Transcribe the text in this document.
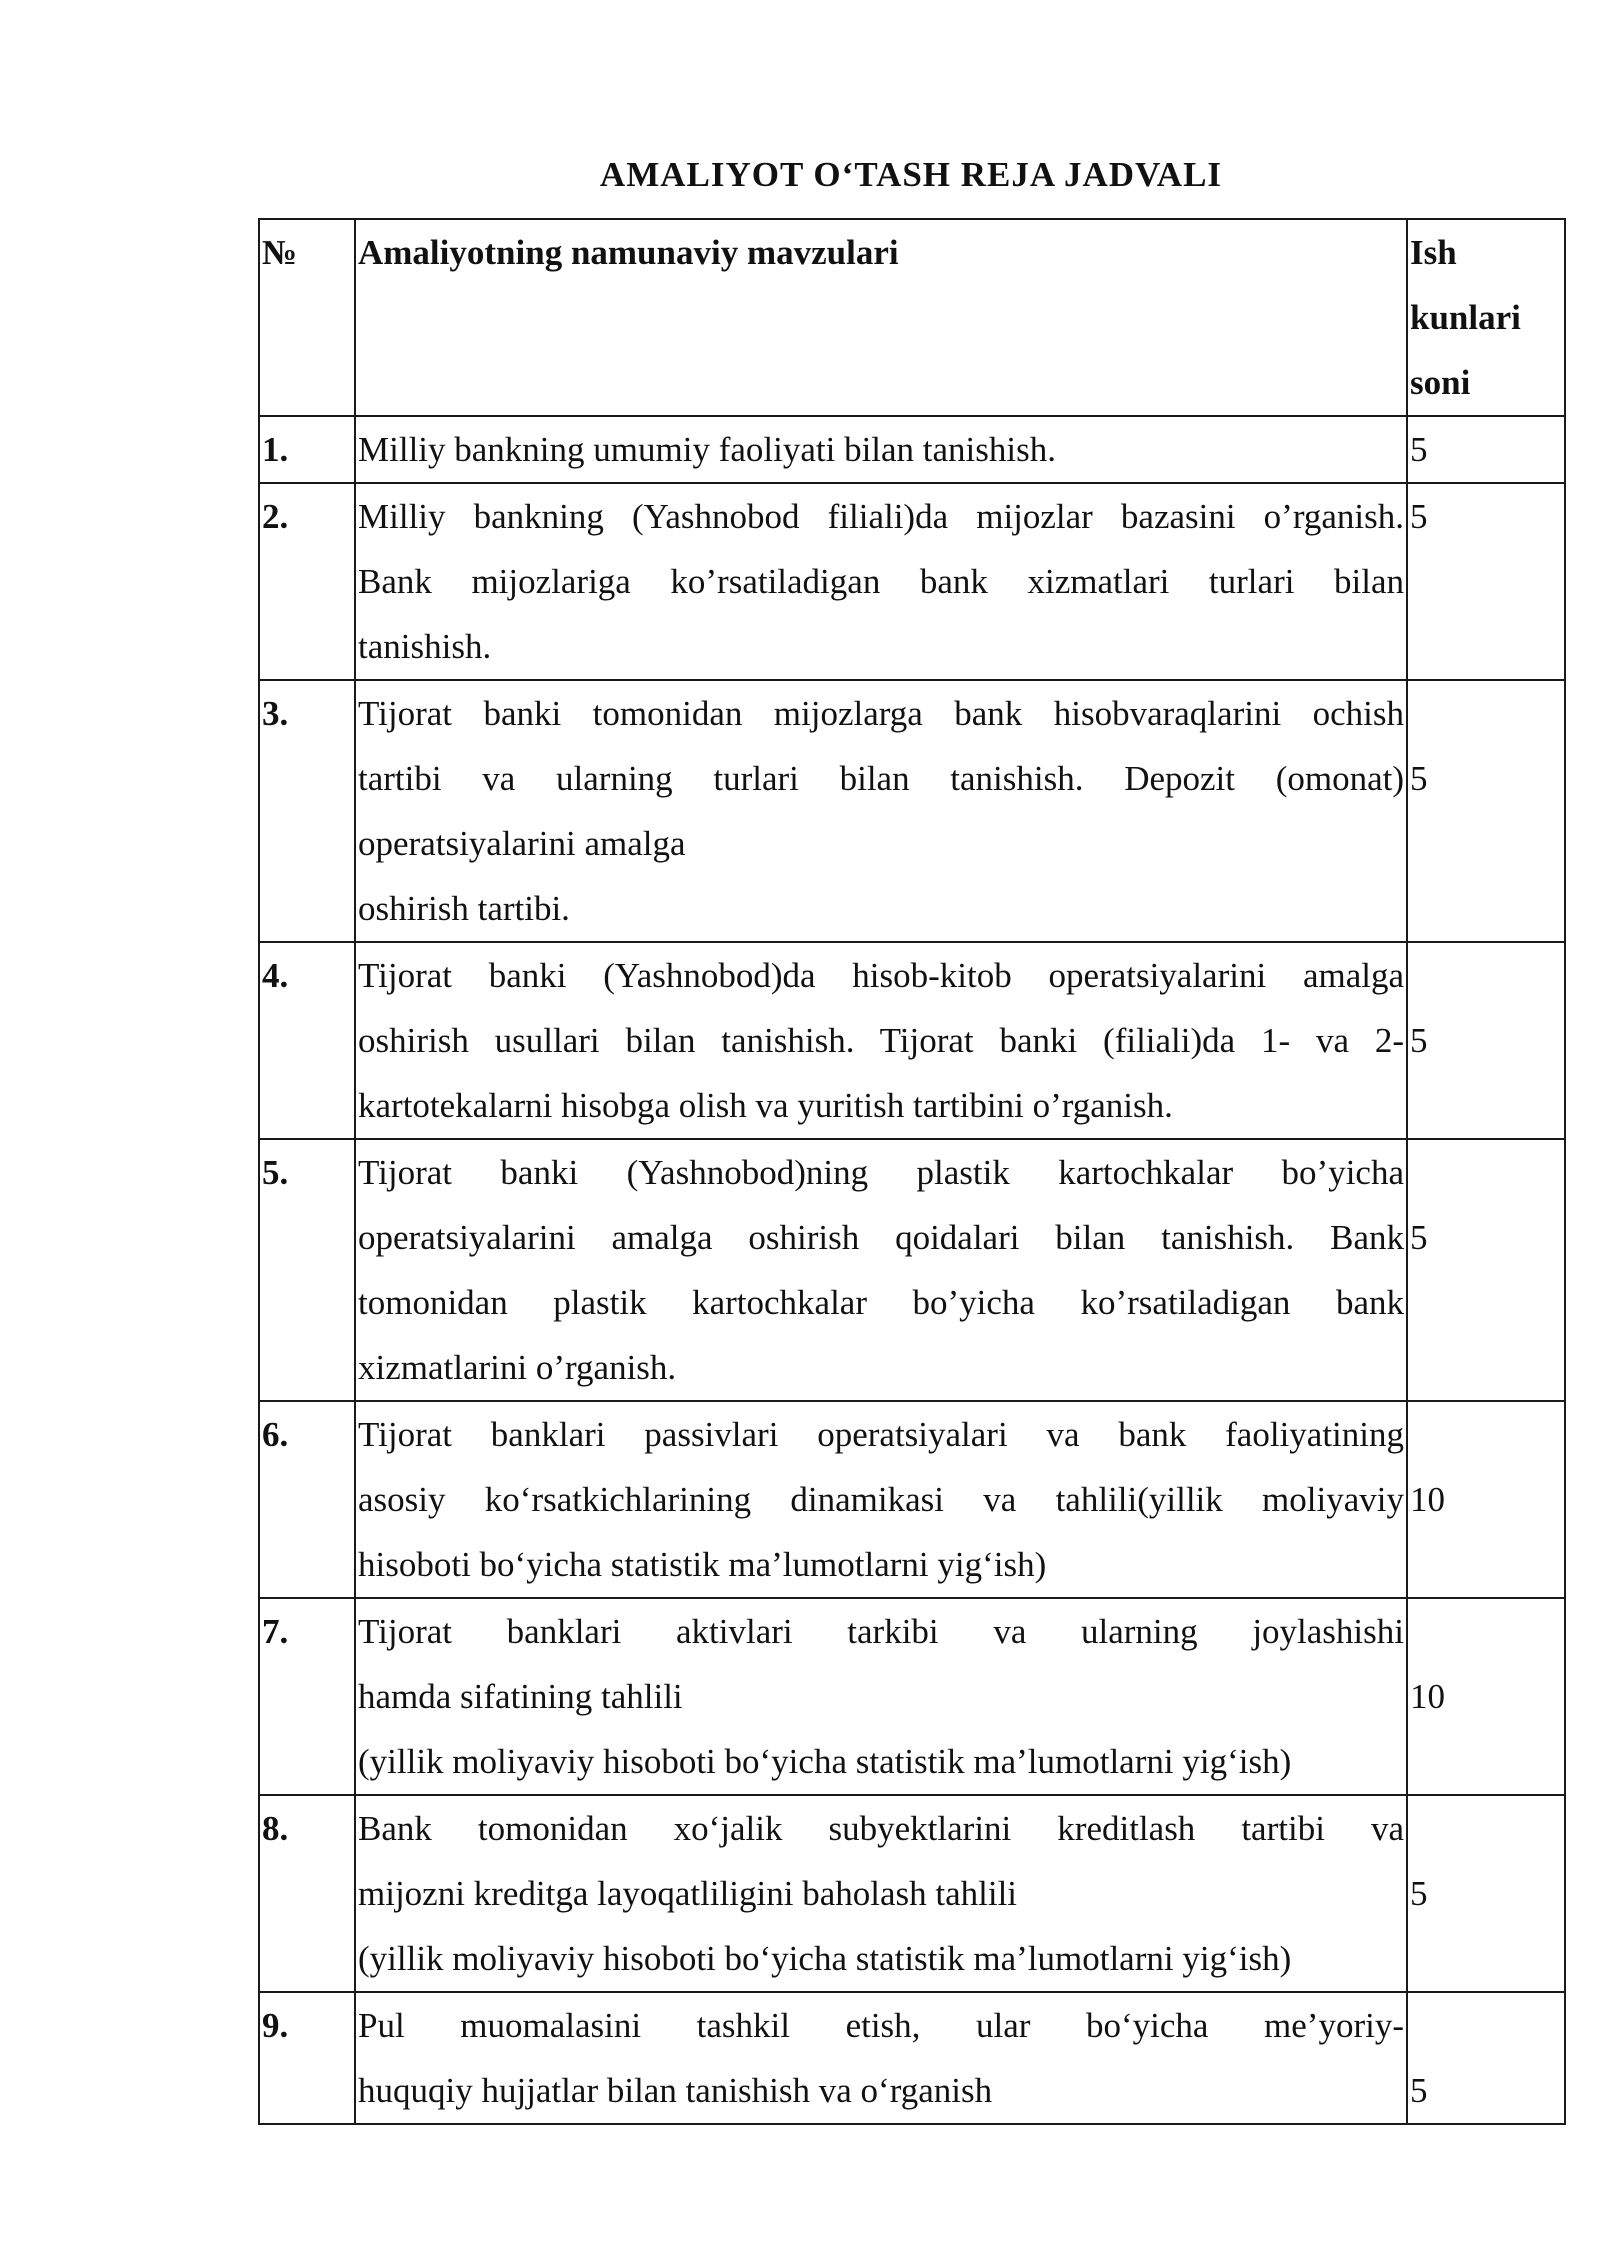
AMALIYOT O‘TASH REJA JADVALI
№	Amaliyotning namunaviy mavzulari	Ish
kunlari
soni

1.	Milliy bankning umumiy faoliyati bilan tanishish.	5

2.	Milliy bankning (Yashnobod filiali)da mijozlar bazasini o’rganish.
Bank mijozlariga ko’rsatiladigan bank xizmatlari turlari bilan
tanishish.	5

3.	Tijorat banki tomonidan mijozlarga bank hisobvaraqlarini ochish
tartibi va ularning turlari bilan tanishish. Depozit (omonat)
operatsiyalarini amalga
oshirish tartibi.	5

4.	Tijorat banki (Yashnobod)da hisob-kitob operatsiyalarini amalga
oshirish usullari bilan tanishish. Tijorat banki (filiali)da 1- va 2-
kartotekalarni hisobga olish va yuritish tartibini o’rganish.	5

5.	Tijorat banki (Yashnobod)ning plastik kartochkalar bo’yicha
operatsiyalarini amalga oshirish qoidalari bilan tanishish. Bank
tomonidan plastik kartochkalar bo’yicha ko’rsatiladigan bank
xizmatlarini o’rganish.	5

6.	Tijorat banklari passivlari operatsiyalari va bank faoliyatining
asosiy ko‘rsatkichlarining dinamikasi va tahlili(yillik moliyaviy
hisoboti bo‘yicha statistik ma’lumotlarni yig‘ish)	10

7.	Tijorat banklari aktivlari tarkibi va ularning joylashishi
hamda sifatining tahlili
(yillik moliyaviy hisoboti bo‘yicha statistik ma’lumotlarni yig‘ish)	10

8.	Bank tomonidan xo‘jalik subyektlarini kreditlash tartibi va
mijozni kreditga layoqatliligini baholash tahlili
(yillik moliyaviy hisoboti bo‘yicha statistik ma’lumotlarni yig‘ish)	5

9.	Pul muomalasini tashkil etish, ular bo‘yicha me’yoriy-
huquqiy hujjatlar bilan tanishish va o‘rganish	5
